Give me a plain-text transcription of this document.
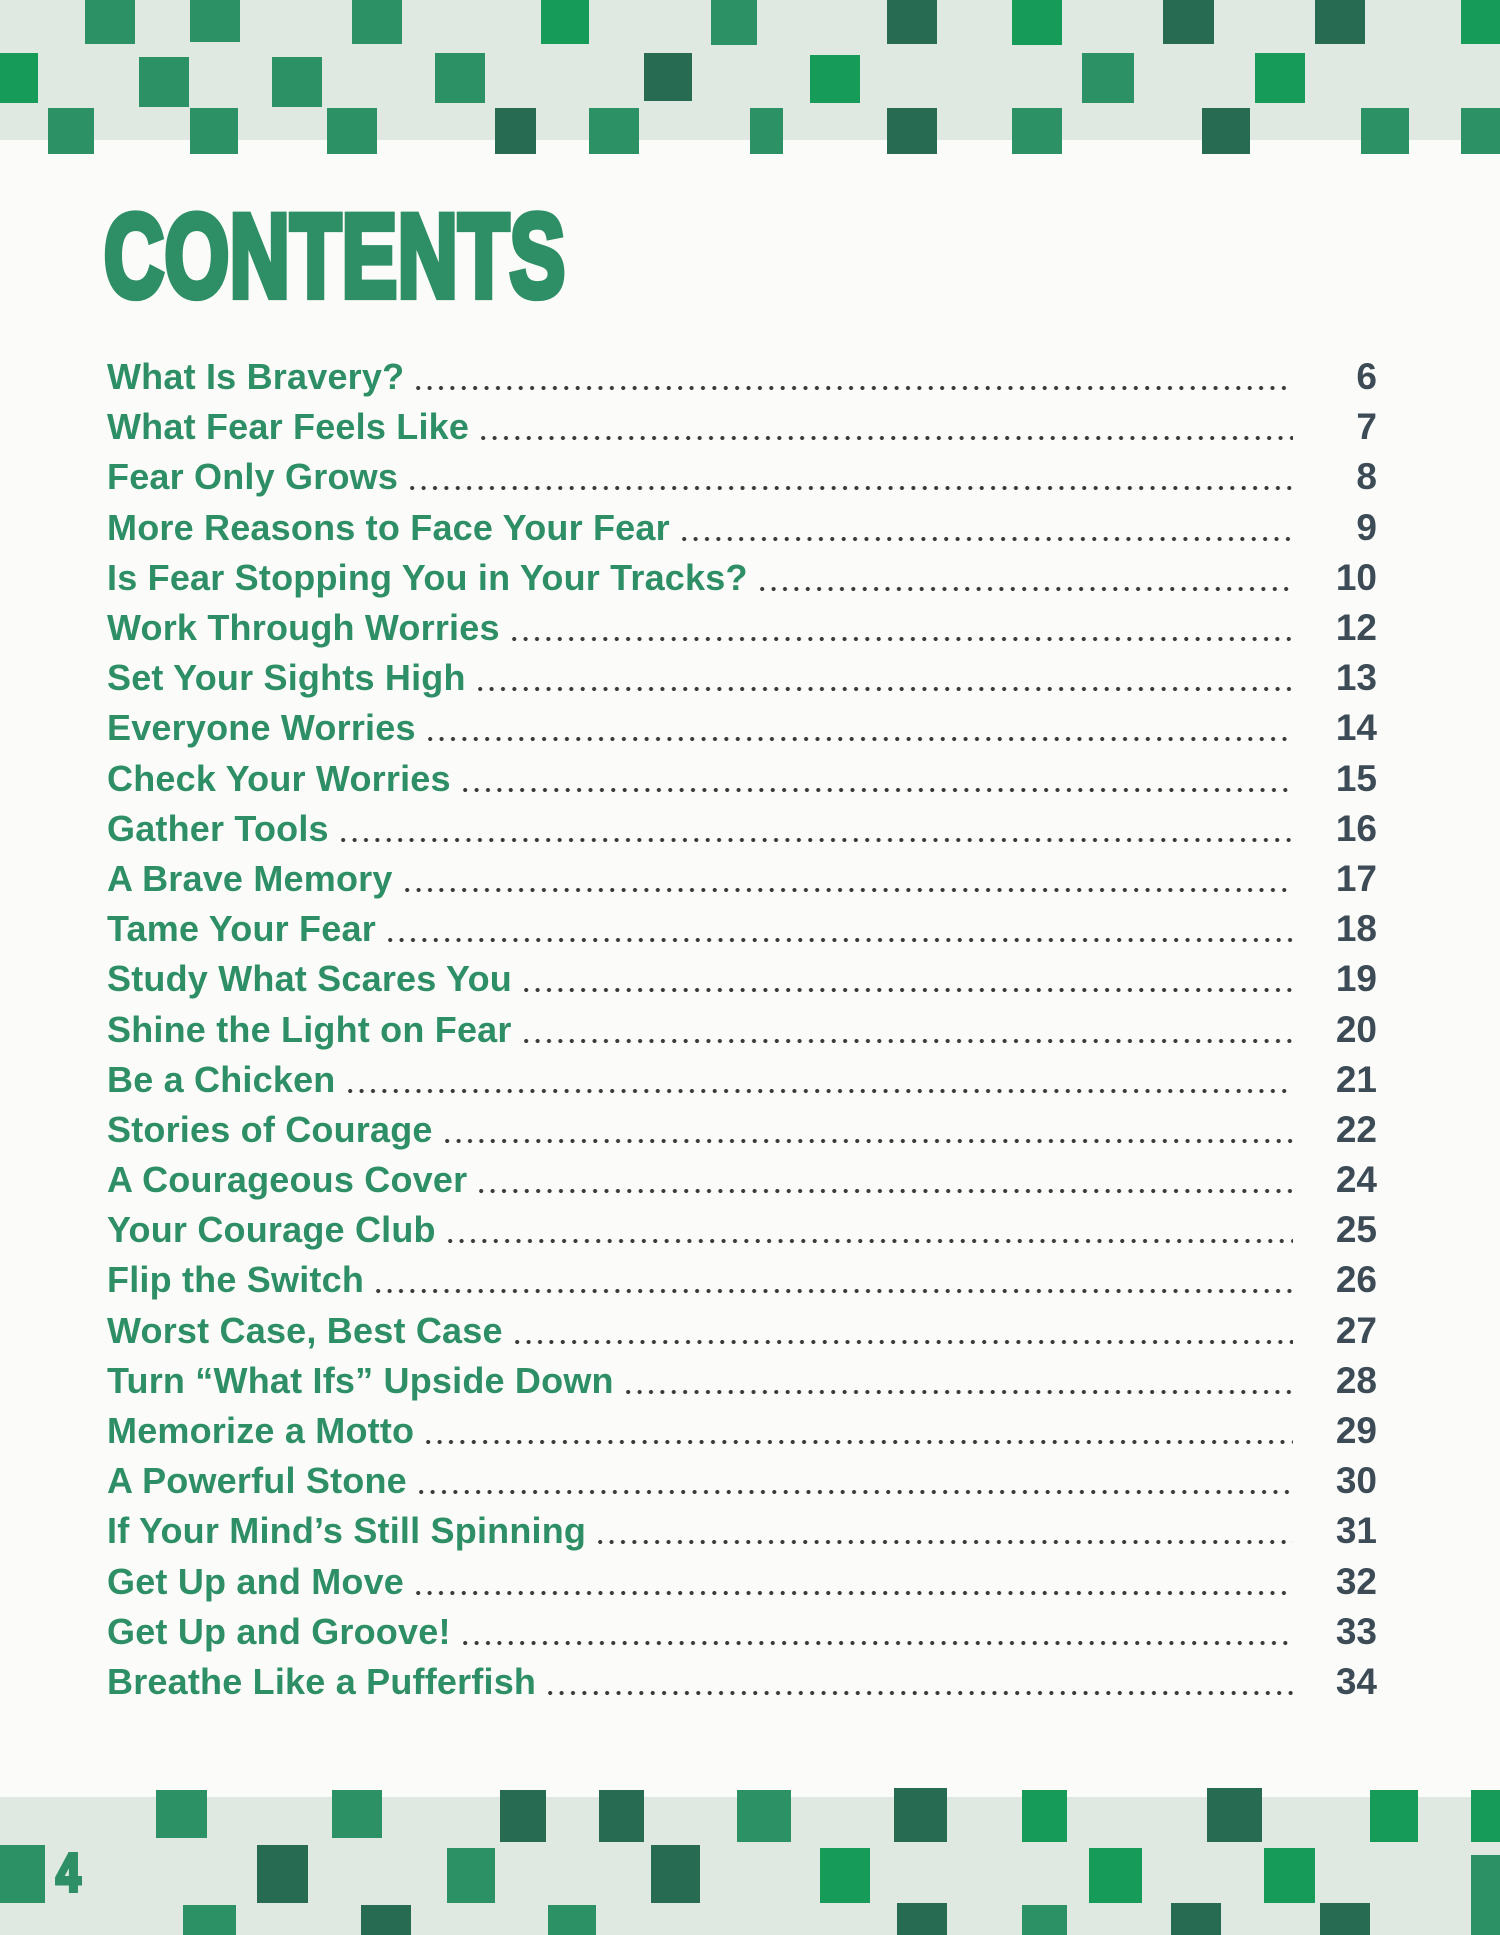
CONTENTS
What Is Bravery?	6
What Fear Feels Like	7
Fear Only Grows	8
More Reasons to Face Your Fear	9
Is Fear Stopping You in Your Tracks?	10
Work Through Worries	12
Set Your Sights High	13
Everyone Worries	14
Check Your Worries	15
Gather Tools	16
A Brave Memory	17
Tame Your Fear	18
Study What Scares You	19
Shine the Light on Fear	20
Be a Chicken	21
Stories of Courage	22
A Courageous Cover	24
Your Courage Club	25
Flip the Switch	26
Worst Case, Best Case	27
Turn “What Ifs” Upside Down	28
Memorize a Motto	29
A Powerful Stone	30
If Your Mind’s Still Spinning	31
Get Up and Move	32
Get Up and Groove!	33
Breathe Like a Pufferfish	34
4
